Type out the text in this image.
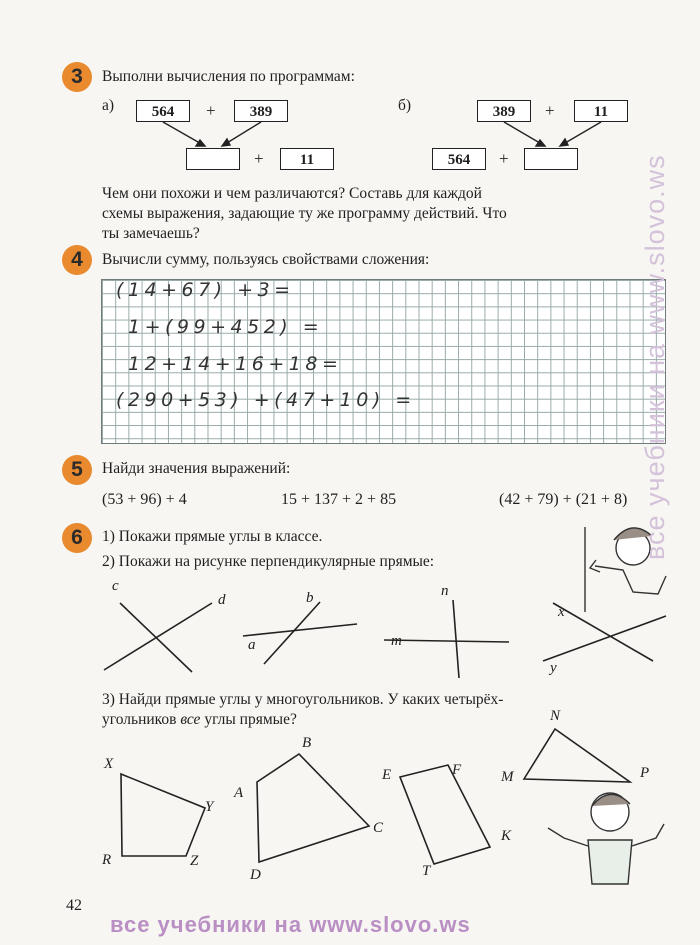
3	Выполни вычисления по программам:
а)	564	+	389
+	11
б)	389	+	11
564	+
Чем они похожи и чем различаются? Составь для каждой
схемы выражения, задающие ту же программу действий. Что
ты замечаешь?
4	Вычисли сумму, пользуясь свойствами сложения:
(14+67) +3=
1+(99+452) =
12+14+16+18=
(290+53) +(47+10) =
5	Найди значения выражений:
(53 + 96) + 4	15 + 137 + 2 + 85	(42 + 79) + (21 + 8)
6	1) Покажи прямые углы в классе.
2) Покажи на рисунке перпендикулярные прямые:
3) Найди прямые углы у многоугольников. У каких четырёх-
угольников все углы прямые?
c
d	b
a
n
m
x
y
X
Y
Z
R
B
A
C
D
F
E
K
T
N
M	P
42
все учебники на www.slovo.ws
все учебники на www.slovo.ws
